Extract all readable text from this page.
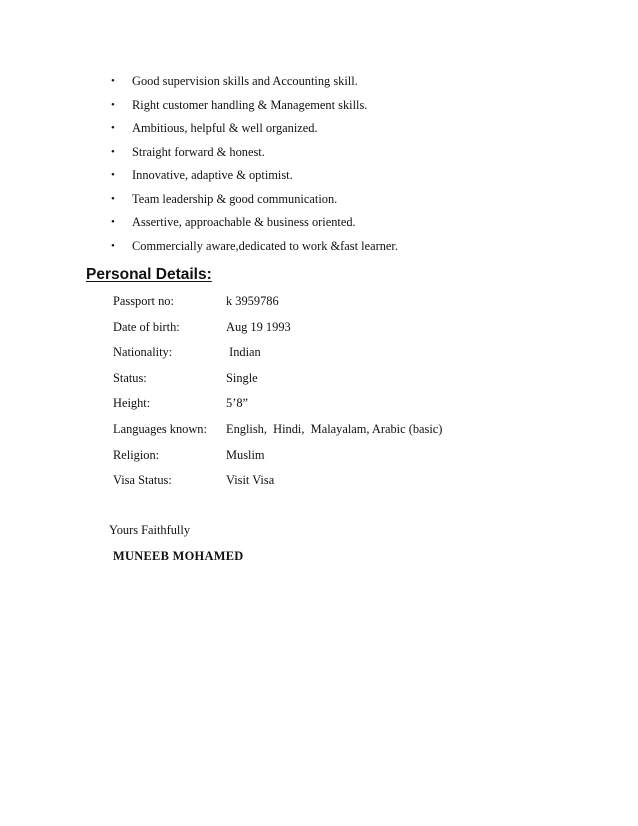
• Good supervision skills and Accounting skill.
• Right customer handling & Management skills.
• Ambitious, helpful & well organized.
• Straight forward & honest.
• Innovative, adaptive & optimist.
• Team leadership & good communication.
• Assertive, approachable & business oriented.
• Commercially aware,dedicated to work &fast learner.
Personal Details:
Passport no:	k 3959786
Date of birth:	Aug 19 1993
Nationality:	Indian
Status:	Single
Height:	5’8”
Languages known: English,  Hindi,  Malayalam, Arabic (basic)
Religion:	Muslim
Visa Status:	Visit Visa
Yours Faithfully
MUNEEB MOHAMED
